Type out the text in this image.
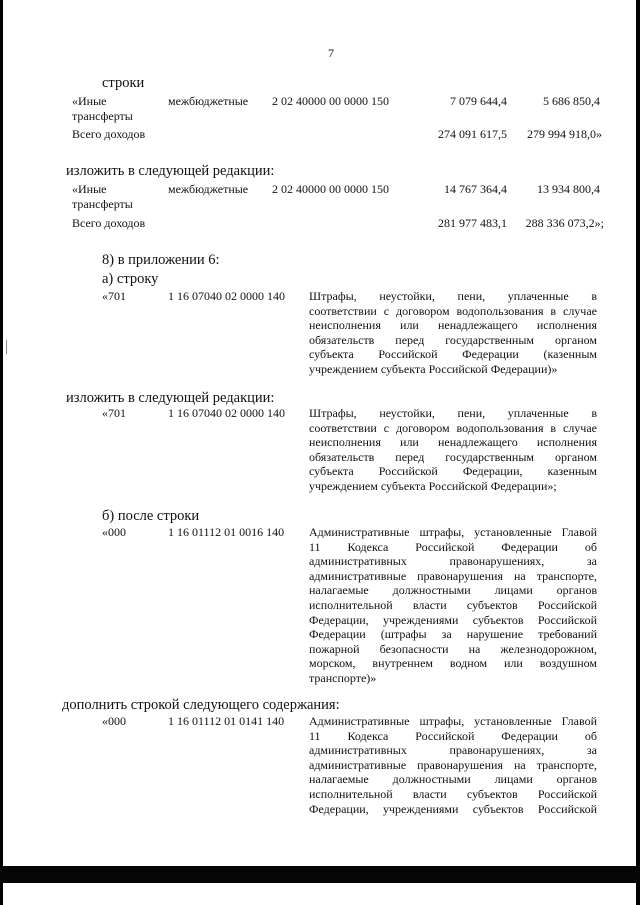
7
строки
«Иные	межбюджетные
трансферты
2 02 40000 00 0000 150	7 079 644,4	5 686 850,4
Всего доходов	274 091 617,5	279 994 918,0»
изложить в следующей редакции:
«Иные	межбюджетные
трансферты
2 02 40000 00 0000 150	14 767 364,4	13 934 800,4
Всего доходов	281 977 483,1	288 336 073,2»;
8) в приложении 6:
а) строку
«701	1 16 07040 02 0000 140 Штрафы, неустойки, пени, уплаченные в
соответствии с договором водопользования в случае
неисполнения или ненадлежащего исполнения
обязательств перед государственным органом
субъекта Российской Федерации (казенным
учреждением субъекта Российской Федерации)»
изложить в следующей редакции:
«701	1 16 07040 02 0000 140 Штрафы, неустойки, пени, уплаченные в
соответствии с договором водопользования в случае
неисполнения или ненадлежащего исполнения
обязательств перед государственным органом
субъекта Российской Федерации, казенным
учреждением субъекта Российской Федерации»;
б) после строки
«000	1 16 01112 01 0016 140 Административные штрафы, установленные Главой
11 Кодекса Российской Федерации об
административных правонарушениях, за
административные правонарушения на транспорте,
налагаемые должностными лицами органов
исполнительной власти субъектов Российской
Федерации, учреждениями субъектов Российской
Федерации (штрафы за нарушение требований
пожарной безопасности на железнодорожном,
морском, внутреннем водном или воздушном
транспорте)»
дополнить строкой следующего содержания:
«000	1 16 01112 01 0141 140 Административные штрафы, установленные Главой
11 Кодекса Российской Федерации об
административных правонарушениях, за
административные правонарушения на транспорте,
налагаемые должностными лицами органов
исполнительной власти субъектов Российской
Федерации, учреждениями субъектов Российской
